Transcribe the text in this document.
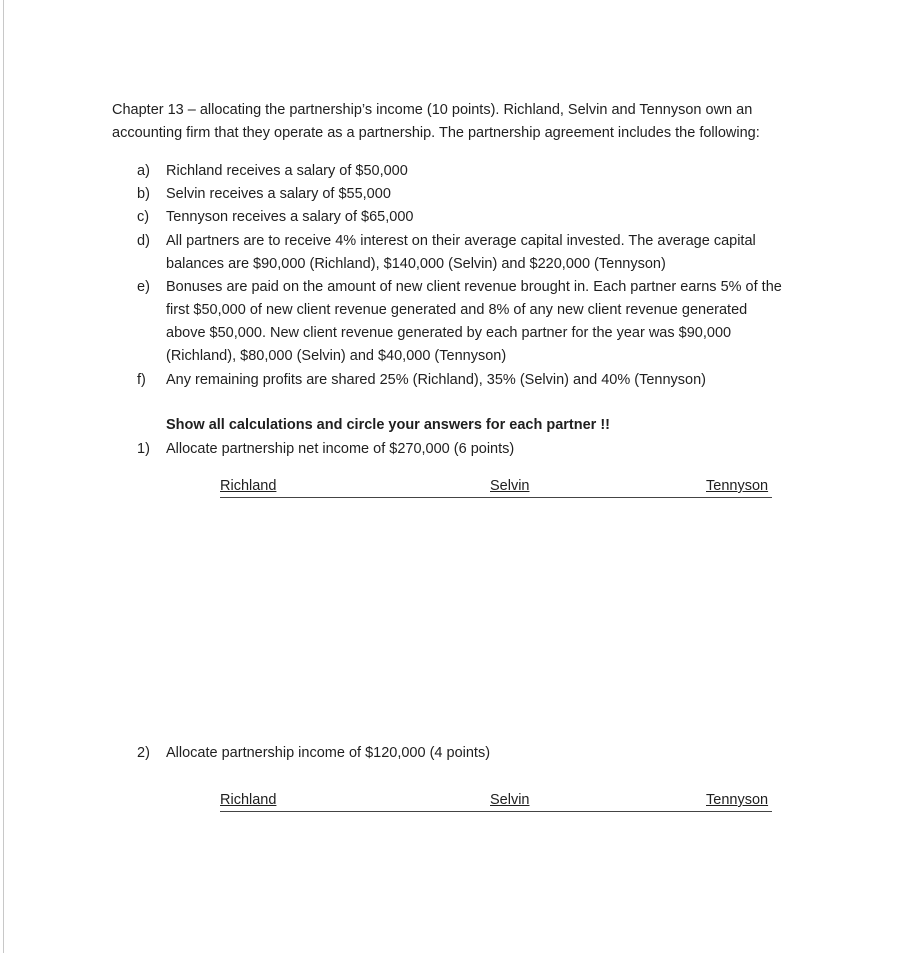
Chapter 13 – allocating the partnership’s income (10 points). Richland, Selvin and Tennyson own an
accounting firm that they operate as a partnership. The partnership agreement includes the following:
a)	Richland receives a salary of $50,000
b)	Selvin receives a salary of $55,000
c)	Tennyson receives a salary of $65,000
d)	All partners are to receive 4% interest on their average capital invested. The average capital
balances are $90,000 (Richland), $140,000 (Selvin) and $220,000 (Tennyson)
e)	Bonuses are paid on the amount of new client revenue brought in. Each partner earns 5% of the
first $50,000 of new client revenue generated and 8% of any new client revenue generated
above $50,000. New client revenue generated by each partner for the year was $90,000
(Richland), $80,000 (Selvin) and $40,000 (Tennyson)
f)	Any remaining profits are shared 25% (Richland), 35% (Selvin) and 40% (Tennyson)
Show all calculations and circle your answers for each partner !!
1) Allocate partnership net income of $270,000 (6 points)
Richland	Selvin	Tennyson
2) Allocate partnership income of $120,000 (4 points)
Richland	Selvin	Tennyson
